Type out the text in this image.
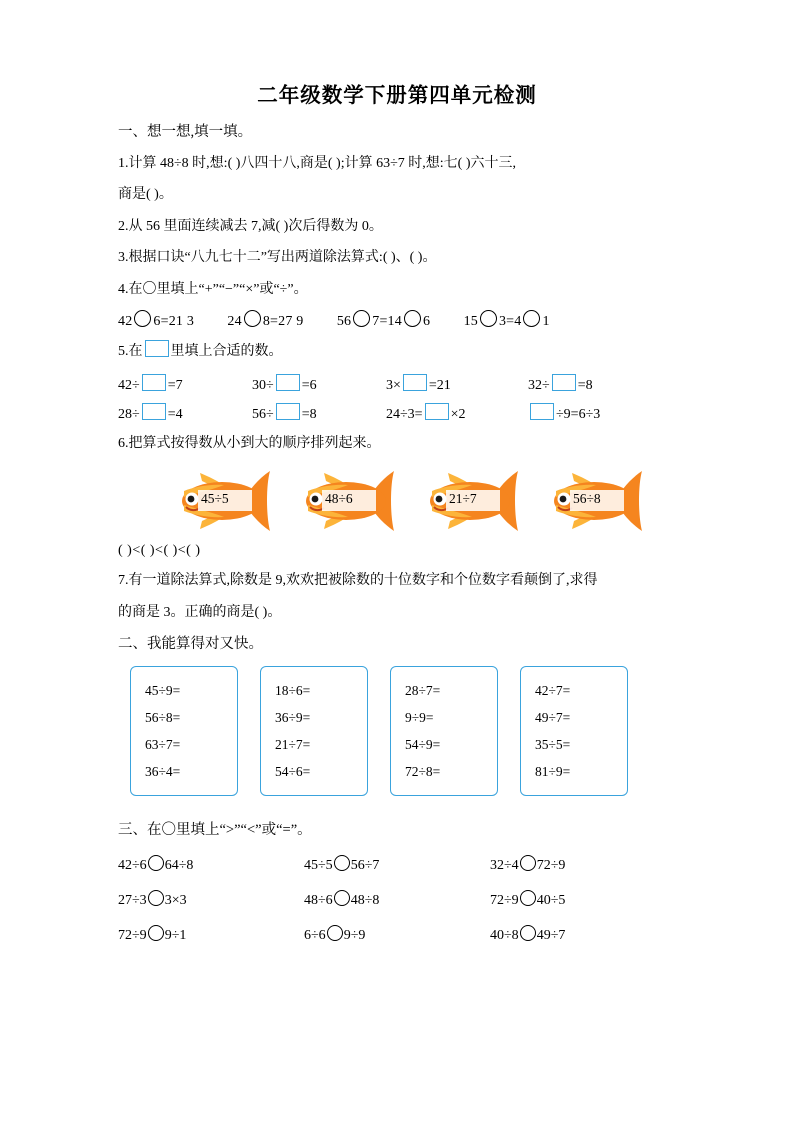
二年级数学下册第四单元检测
一、想一想,填一填。
1.计算 48÷8 时,想:( )八四十八,商是( );计算 63÷7 时,想:七( )六十三,
商是( )。
2.从 56 里面连续减去 7,减( )次后得数为 0。
3.根据口诀“八九七十二”写出两道除法算式:( )、( )。
4.在〇里填上“+”“−”“×”或“÷”。
42 6=21 3 24 8=27 9 56 7=14 6 15 3=4 1
5.在 里填上合适的数。
42÷ =7	30÷ =6	3× =21	32÷ =8
28÷ =4	56÷ =8	24÷3= ×2	÷9=6÷3
6.把算式按得数从小到大的顺序排列起来。
45÷5	48÷6	21÷7	56÷8
( )<( )<( )<( )
7.有一道除法算式,除数是 9,欢欢把被除数的十位数字和个位数字看颠倒了,求得
的商是 3。正确的商是( )。
二、我能算得对又快。
45÷9=
56÷8=
63÷7=
36÷4=
18÷6=
36÷9=
21÷7=
54÷6=
28÷7=
9÷9=
54÷9=
72÷8=
42÷7=
49÷7=
35÷5=
81÷9=
三、在〇里填上“>”“<”或“=”。
42÷6 64÷8	45÷5 56÷7	32÷4 72÷9
27÷3 3×3	48÷6 48÷8	72÷9 40÷5
72÷9 9÷1	6÷6 9÷9	40÷8 49÷7
